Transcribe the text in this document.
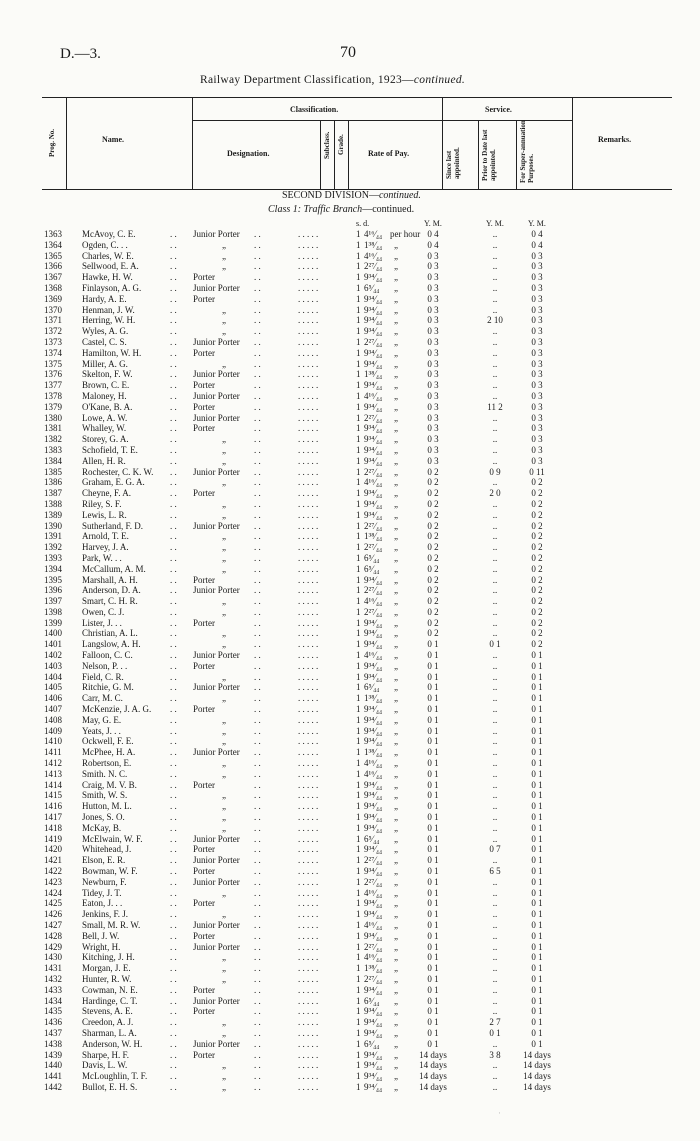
D.—3.	70
Railway Department Classification, 1923—continued.
Prog. No.	Name.
Classification.
Designation.	Subclass. Grade.	Rate of Pay.
Service.
Since last appointed.	Prior to Date last appointed.	For Super-annuation Purposes.
Remarks.
SECOND DIVISION—continued.
Class 1: Traffic Branch—continued.
s. d.	Y. M.	Y. M.	Y. M.
1363 McAvoy, C. E.	. . Junior Porter . .	. . . . .	1 4¹⁶⁄₄₄ per hour 0 4	..	0 4
1364 Ogden, C. . .	. .	„	. .	. . . . .	1 1³⁸⁄₄₄ „	0 4	..	0 4
1365 Charles, W. E.	. .	„	. .	. . . . .	1 4¹⁶⁄₄₄ „	0 3	..	0 3
1366 Sellwood, E. A.	. .	„	. .	. . . . .	1 2²⁷⁄₄₄ „	0 3	..	0 3
1367 Hawke, H. W.	. . Porter	. .	. . . . .	1 9³⁴⁄₄₄ „	0 3	..	0 3
1368 Finlayson, A. G.	. . Junior Porter . .	. . . . .	1 6⁵⁄₄₄ „	0 3	..	0 3
1369 Hardy, A. E.	. . Porter	. .	. . . . .	1 9³⁴⁄₄₄ „	0 3	..	0 3
1370 Henman, J. W.	. .	„	. .	. . . . .	1 9³⁴⁄₄₄ „	0 3	..	0 3
1371 Herring, W. H.	. .	„	. .	. . . . .	1 9³⁴⁄₄₄ „	0 3	2 10	0 3
1372 Wyles, A. G.	. .	„	. .	. . . . .	1 9³⁴⁄₄₄ „	0 3	..	0 3
1373 Castel, C. S.	. . Junior Porter . .	. . . . .	1 2²⁷⁄₄₄ „	0 3	..	0 3
1374 Hamilton, W. H.	. . Porter	. .	. . . . .	1 9³⁴⁄₄₄ „	0 3	..	0 3
1375 Miller, A. G.	. .	„	. .	. . . . .	1 9³⁴⁄₄₄ „	0 3	..	0 3
1376 Skelton, F. W.	. . Junior Porter . .	. . . . .	1 1³⁸⁄₄₄ „	0 3	..	0 3
1377 Brown, C. E.	. . Porter	. .	. . . . .	1 9³⁴⁄₄₄ „	0 3	..	0 3
1378 Maloney, H.	. . Junior Porter . .	. . . . .	1 4¹⁶⁄₄₄ „	0 3	..	0 3
1379 O'Kane, B. A.	. . Porter	. .	. . . . .	1 9³⁴⁄₄₄ „	0 3	11 2	0 3
1380 Lowe, A. W.	. . Junior Porter . .	. . . . .	1 2²⁷⁄₄₄ „	0 3	..	0 3
1381 Whalley, W.	. . Porter	. .	. . . . .	1 9³⁴⁄₄₄ „	0 3	..	0 3
1382 Storey, G. A.	. .	„	. .	. . . . .	1 9³⁴⁄₄₄ „	0 3	..	0 3
1383 Schofield, T. E.	. .	„	. .	. . . . .	1 9³⁴⁄₄₄ „	0 3	..	0 3
1384 Allen, H. R.	. .	„	. .	. . . . .	1 9³⁴⁄₄₄ „	0 3	..	0 3
1385 Rochester, C. K. W. . . Junior Porter . .	. . . . .	1 2²⁷⁄₄₄ „	0 2	0 9	0 11
1386 Graham, E. G. A.	. .	„	. .	. . . . .	1 4¹⁶⁄₄₄ „	0 2	..	0 2
1387 Cheyne, F. A.	. . Porter	. .	. . . . .	1 9³⁴⁄₄₄ „	0 2	2 0	0 2
1388 Riley, S. F.	. .	„	. .	. . . . .	1 9³⁴⁄₄₄ „	0 2	..	0 2
1389 Lewis, L. R.	. .	„	. .	. . . . .	1 9³⁴⁄₄₄ „	0 2	..	0 2
1390 Sutherland, F. D.	. . Junior Porter . .	. . . . .	1 2²⁷⁄₄₄ „	0 2	..	0 2
1391 Arnold, T. E.	. .	„	. .	. . . . .	1 1³⁸⁄₄₄ „	0 2	..	0 2
1392 Harvey, J. A.	. .	„	. .	. . . . .	1 2²⁷⁄₄₄ „	0 2	..	0 2
1393 Park, W. . .	. .	„	. .	. . . . .	1 6⁵⁄₄₄ „	0 2	..	0 2
1394 McCallum, A. M.	. .	„	. .	. . . . .	1 6⁵⁄₄₄ „	0 2	..	0 2
1395 Marshall, A. H.	. . Porter	. .	. . . . .	1 9³⁴⁄₄₄ „	0 2	..	0 2
1396 Anderson, D. A.	. . Junior Porter . .	. . . . .	1 2²⁷⁄₄₄ „	0 2	..	0 2
1397 Smart, C. H. R.	. .	„	. .	. . . . .	1 4¹⁶⁄₄₄ „	0 2	..	0 2
1398 Owen, C. J.	. .	„	. .	. . . . .	1 2²⁷⁄₄₄ „	0 2	..	0 2
1399 Lister, J. . .	. . Porter	. .	. . . . .	1 9³⁴⁄₄₄ „	0 2	..	0 2
1400 Christian, A. L.	. .	„	. .	. . . . .	1 9³⁴⁄₄₄ „	0 2	..	0 2
1401 Langslow, A. H.	. .	„	. .	. . . . .	1 9³⁴⁄₄₄ „	0 1	0 1	0 2
1402 Falloon, C. C.	. . Junior Porter . .	. . . . .	1 4¹⁶⁄₄₄ „	0 1	..	0 1
1403 Nelson, P. . .	. . Porter	. .	. . . . .	1 9³⁴⁄₄₄ „	0 1	..	0 1
1404 Field, C. R.	. .	„	. .	. . . . .	1 9³⁴⁄₄₄ „	0 1	..	0 1
1405 Ritchie, G. M.	. . Junior Porter . .	. . . . .	1 6⁵⁄₄₄ „	0 1	..	0 1
1406 Carr, M. C.	. .	„	. .	. . . . .	1 1³⁸⁄₄₄ „	0 1	..	0 1
1407 McKenzie, J. A. G. . . Porter	. .	. . . . .	1 9³⁴⁄₄₄ „	0 1	..	0 1
1408 May, G. E.	. .	„	. .	. . . . .	1 9³⁴⁄₄₄ „	0 1	..	0 1
1409 Yeats, J. . .	. .	„	. .	. . . . .	1 9³⁴⁄₄₄ „	0 1	..	0 1
1410 Ockwell, F. E.	. .	„	. .	. . . . .	1 9³⁴⁄₄₄ „	0 1	..	0 1
1411 McPhee, H. A.	. . Junior Porter . .	. . . . .	1 1³⁸⁄₄₄ „	0 1	..	0 1
1412 Robertson, E.	. .	„	. .	. . . . .	1 4¹⁶⁄₄₄ „	0 1	..	0 1
1413 Smith. N. C.	. .	„	. .	. . . . .	1 4¹⁶⁄₄₄ „	0 1	..	0 1
1414 Craig, M. V. B.	. . Porter	. .	. . . . .	1 9³⁴⁄₄₄ „	0 1	..	0 1
1415 Smith, W. S.	. .	„	. .	. . . . .	1 9³⁴⁄₄₄ „	0 1	..	0 1
1416 Hutton, M. L.	. .	„	. .	. . . . .	1 9³⁴⁄₄₄ „	0 1	..	0 1
1417 Jones, S. O.	. .	„	. .	. . . . .	1 9³⁴⁄₄₄ „	0 1	..	0 1
1418 McKay, B.	. .	„	. .	. . . . .	1 9³⁴⁄₄₄ „	0 1	..	0 1
1419 McElwain, W. F.	. . Junior Porter . .	. . . . .	1 6⁵⁄₄₄ „	0 1	..	0 1
1420 Whitehead, J.	. . Porter	. .	. . . . .	1 9³⁴⁄₄₄ „	0 1	0 7	0 1
1421 Elson, E. R.	. . Junior Porter . .	. . . . .	1 2²⁷⁄₄₄ „	0 1	..	0 1
1422 Bowman, W. F.	. . Porter	. .	. . . . .	1 9³⁴⁄₄₄ „	0 1	6 5	0 1
1423 Newburn, F.	. . Junior Porter . .	. . . . .	1 2²⁷⁄₄₄ „	0 1	..	0 1
1424 Tidey, J. T.	. .	„	. .	. . . . .	1 4¹⁶⁄₄₄ „	0 1	..	0 1
1425 Eaton, J. . .	. . Porter	. .	. . . . .	1 9³⁴⁄₄₄ „	0 1	..	0 1
1426 Jenkins, F. J.	. .	„	. .	. . . . .	1 9³⁴⁄₄₄ „	0 1	..	0 1
1427 Small, M. R. W.	. . Junior Porter . .	. . . . .	1 4¹⁶⁄₄₄ „	0 1	..	0 1
1428 Bell, J. W.	. . Porter	. .	. . . . .	1 9³⁴⁄₄₄ „	0 1	..	0 1
1429 Wright, H.	. . Junior Porter . .	. . . . .	1 2²⁷⁄₄₄ „	0 1	..	0 1
1430 Kitching, J. H.	. .	„	. .	. . . . .	1 4¹⁶⁄₄₄ „	0 1	..	0 1
1431 Morgan, J. E.	. .	„	. .	. . . . .	1 1³⁸⁄₄₄ „	0 1	..	0 1
1432 Hunter, R. W.	. .	„	. .	. . . . .	1 2²⁷⁄₄₄ „	0 1	..	0 1
1433 Cowman, N. E.	. . Porter	. .	. . . . .	1 9³⁴⁄₄₄ „	0 1	..	0 1
1434 Hardinge, C. T.	. . Junior Porter . .	. . . . .	1 6⁵⁄₄₄ „	0 1	..	0 1
1435 Stevens, A. E.	. . Porter	. .	. . . . .	1 9³⁴⁄₄₄ „	0 1	..	0 1
1436 Creedon, A. J.	. .	„	. .	. . . . .	1 9³⁴⁄₄₄ „	0 1	2 7	0 1
1437 Sharman, L. A.	. .	„	. .	. . . . .	1 9³⁴⁄₄₄ „	0 1	0 1	0 1
1438 Anderson, W. H.	. . Junior Porter . .	. . . . .	1 6⁵⁄₄₄ „	0 1	..	0 1
1439 Sharpe, H. F.	. . Porter	. .	. . . . .	1 9³⁴⁄₄₄ „ 14 days	3 8	14 days
1440 Davis, L. W.	. .	„	. .	. . . . .	1 9³⁴⁄₄₄ „ 14 days	..	14 days
1441 McLoughlin, T. F.	. .	„	. .	. . . . .	1 9³⁴⁄₄₄ „ 14 days	..	14 days
1442 Bullot, E. H. S.	. .	„	. .	. . . . .	1 9³⁴⁄₄₄ „ 14 days	..	14 days
·
